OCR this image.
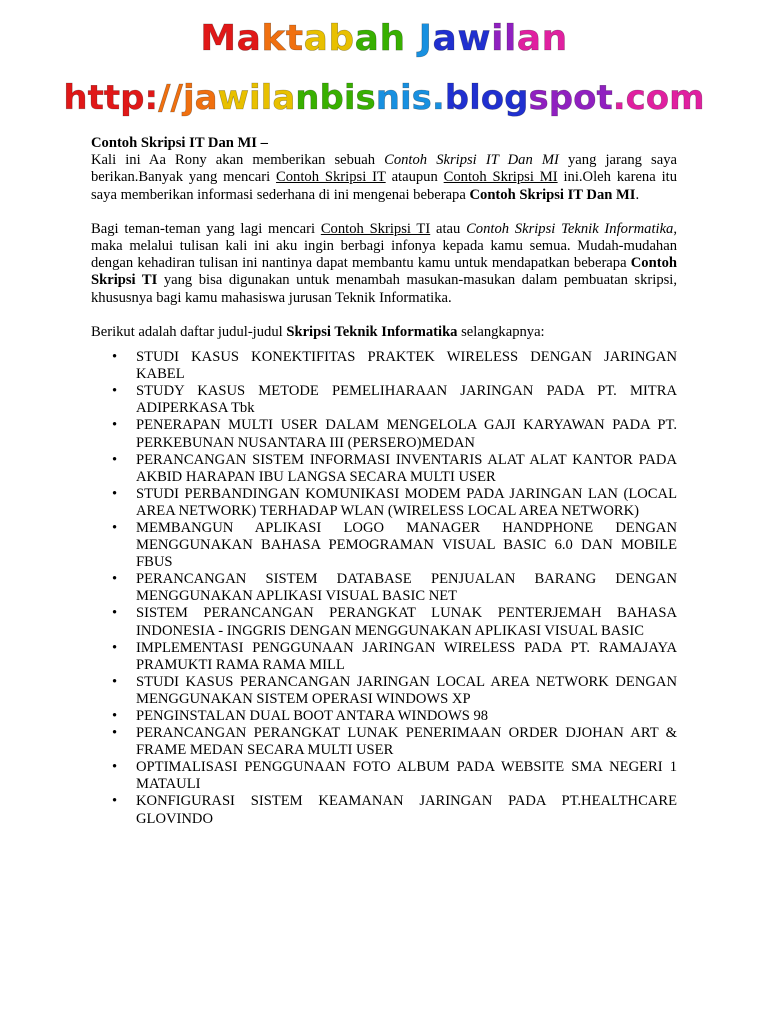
Maktabah Jawilan
http://jawilanbisnis.blogspot.com

Contoh Skripsi IT Dan MI –

Kali ini Aa Rony akan memberikan sebuah Contoh Skripsi IT Dan MI yang jarang saya berikan.Banyak yang mencari Contoh Skripsi IT ataupun Contoh Skripsi MI ini.Oleh karena itu saya memberikan informasi sederhana di ini mengenai beberapa Contoh Skripsi IT Dan MI.

Bagi teman-teman yang lagi mencari Contoh Skripsi TI atau Contoh Skripsi Teknik Informatika, maka melalui tulisan kali ini aku ingin berbagi infonya kepada kamu semua. Mudah-mudahan dengan kehadiran tulisan ini nantinya dapat membantu kamu untuk mendapatkan beberapa Contoh Skripsi TI yang bisa digunakan untuk menambah masukan-masukan dalam pembuatan skripsi, khususnya bagi kamu mahasiswa jurusan Teknik Informatika.

Berikut adalah daftar judul-judul Skripsi Teknik Informatika selangkapnya:

• STUDI KASUS KONEKTIFITAS PRAKTEK WIRELESS DENGAN JARINGAN KABEL
• STUDY KASUS METODE PEMELIHARAAN JARINGAN PADA PT. MITRA ADIPERKASA Tbk
• PENERAPAN MULTI USER DALAM MENGELOLA GAJI KARYAWAN PADA PT. PERKEBUNAN NUSANTARA III (PERSERO)MEDAN
• PERANCANGAN SISTEM INFORMASI INVENTARIS ALAT ALAT KANTOR PADA AKBID HARAPAN IBU LANGSA SECARA MULTI USER
• STUDI PERBANDINGAN KOMUNIKASI MODEM PADA JARINGAN LAN (LOCAL AREA NETWORK) TERHADAP WLAN (WIRELESS LOCAL AREA NETWORK)
• MEMBANGUN APLIKASI LOGO MANAGER HANDPHONE DENGAN MENGGUNAKAN BAHASA PEMOGRAMAN VISUAL BASIC 6.0 DAN MOBILE FBUS
• PERANCANGAN SISTEM DATABASE PENJUALAN BARANG DENGAN MENGGUNAKAN APLIKASI VISUAL BASIC NET
• SISTEM PERANCANGAN PERANGKAT LUNAK PENTERJEMAH BAHASA INDONESIA - INGGRIS DENGAN MENGGUNAKAN APLIKASI VISUAL BASIC
• IMPLEMENTASI PENGGUNAAN JARINGAN WIRELESS PADA PT. RAMAJAYA PRAMUKTI RAMA RAMA MILL
• STUDI KASUS PERANCANGAN JARINGAN LOCAL AREA NETWORK DENGAN MENGGUNAKAN SISTEM OPERASI WINDOWS XP
• PENGINSTALAN DUAL BOOT ANTARA WINDOWS 98
• PERANCANGAN PERANGKAT LUNAK PENERIMAAN ORDER DJOHAN ART & FRAME MEDAN SECARA MULTI USER
• OPTIMALISASI PENGGUNAAN FOTO ALBUM PADA WEBSITE SMA NEGERI 1 MATAULI
• KONFIGURASI SISTEM KEAMANAN JARINGAN PADA PT.HEALTHCARE GLOVINDO
